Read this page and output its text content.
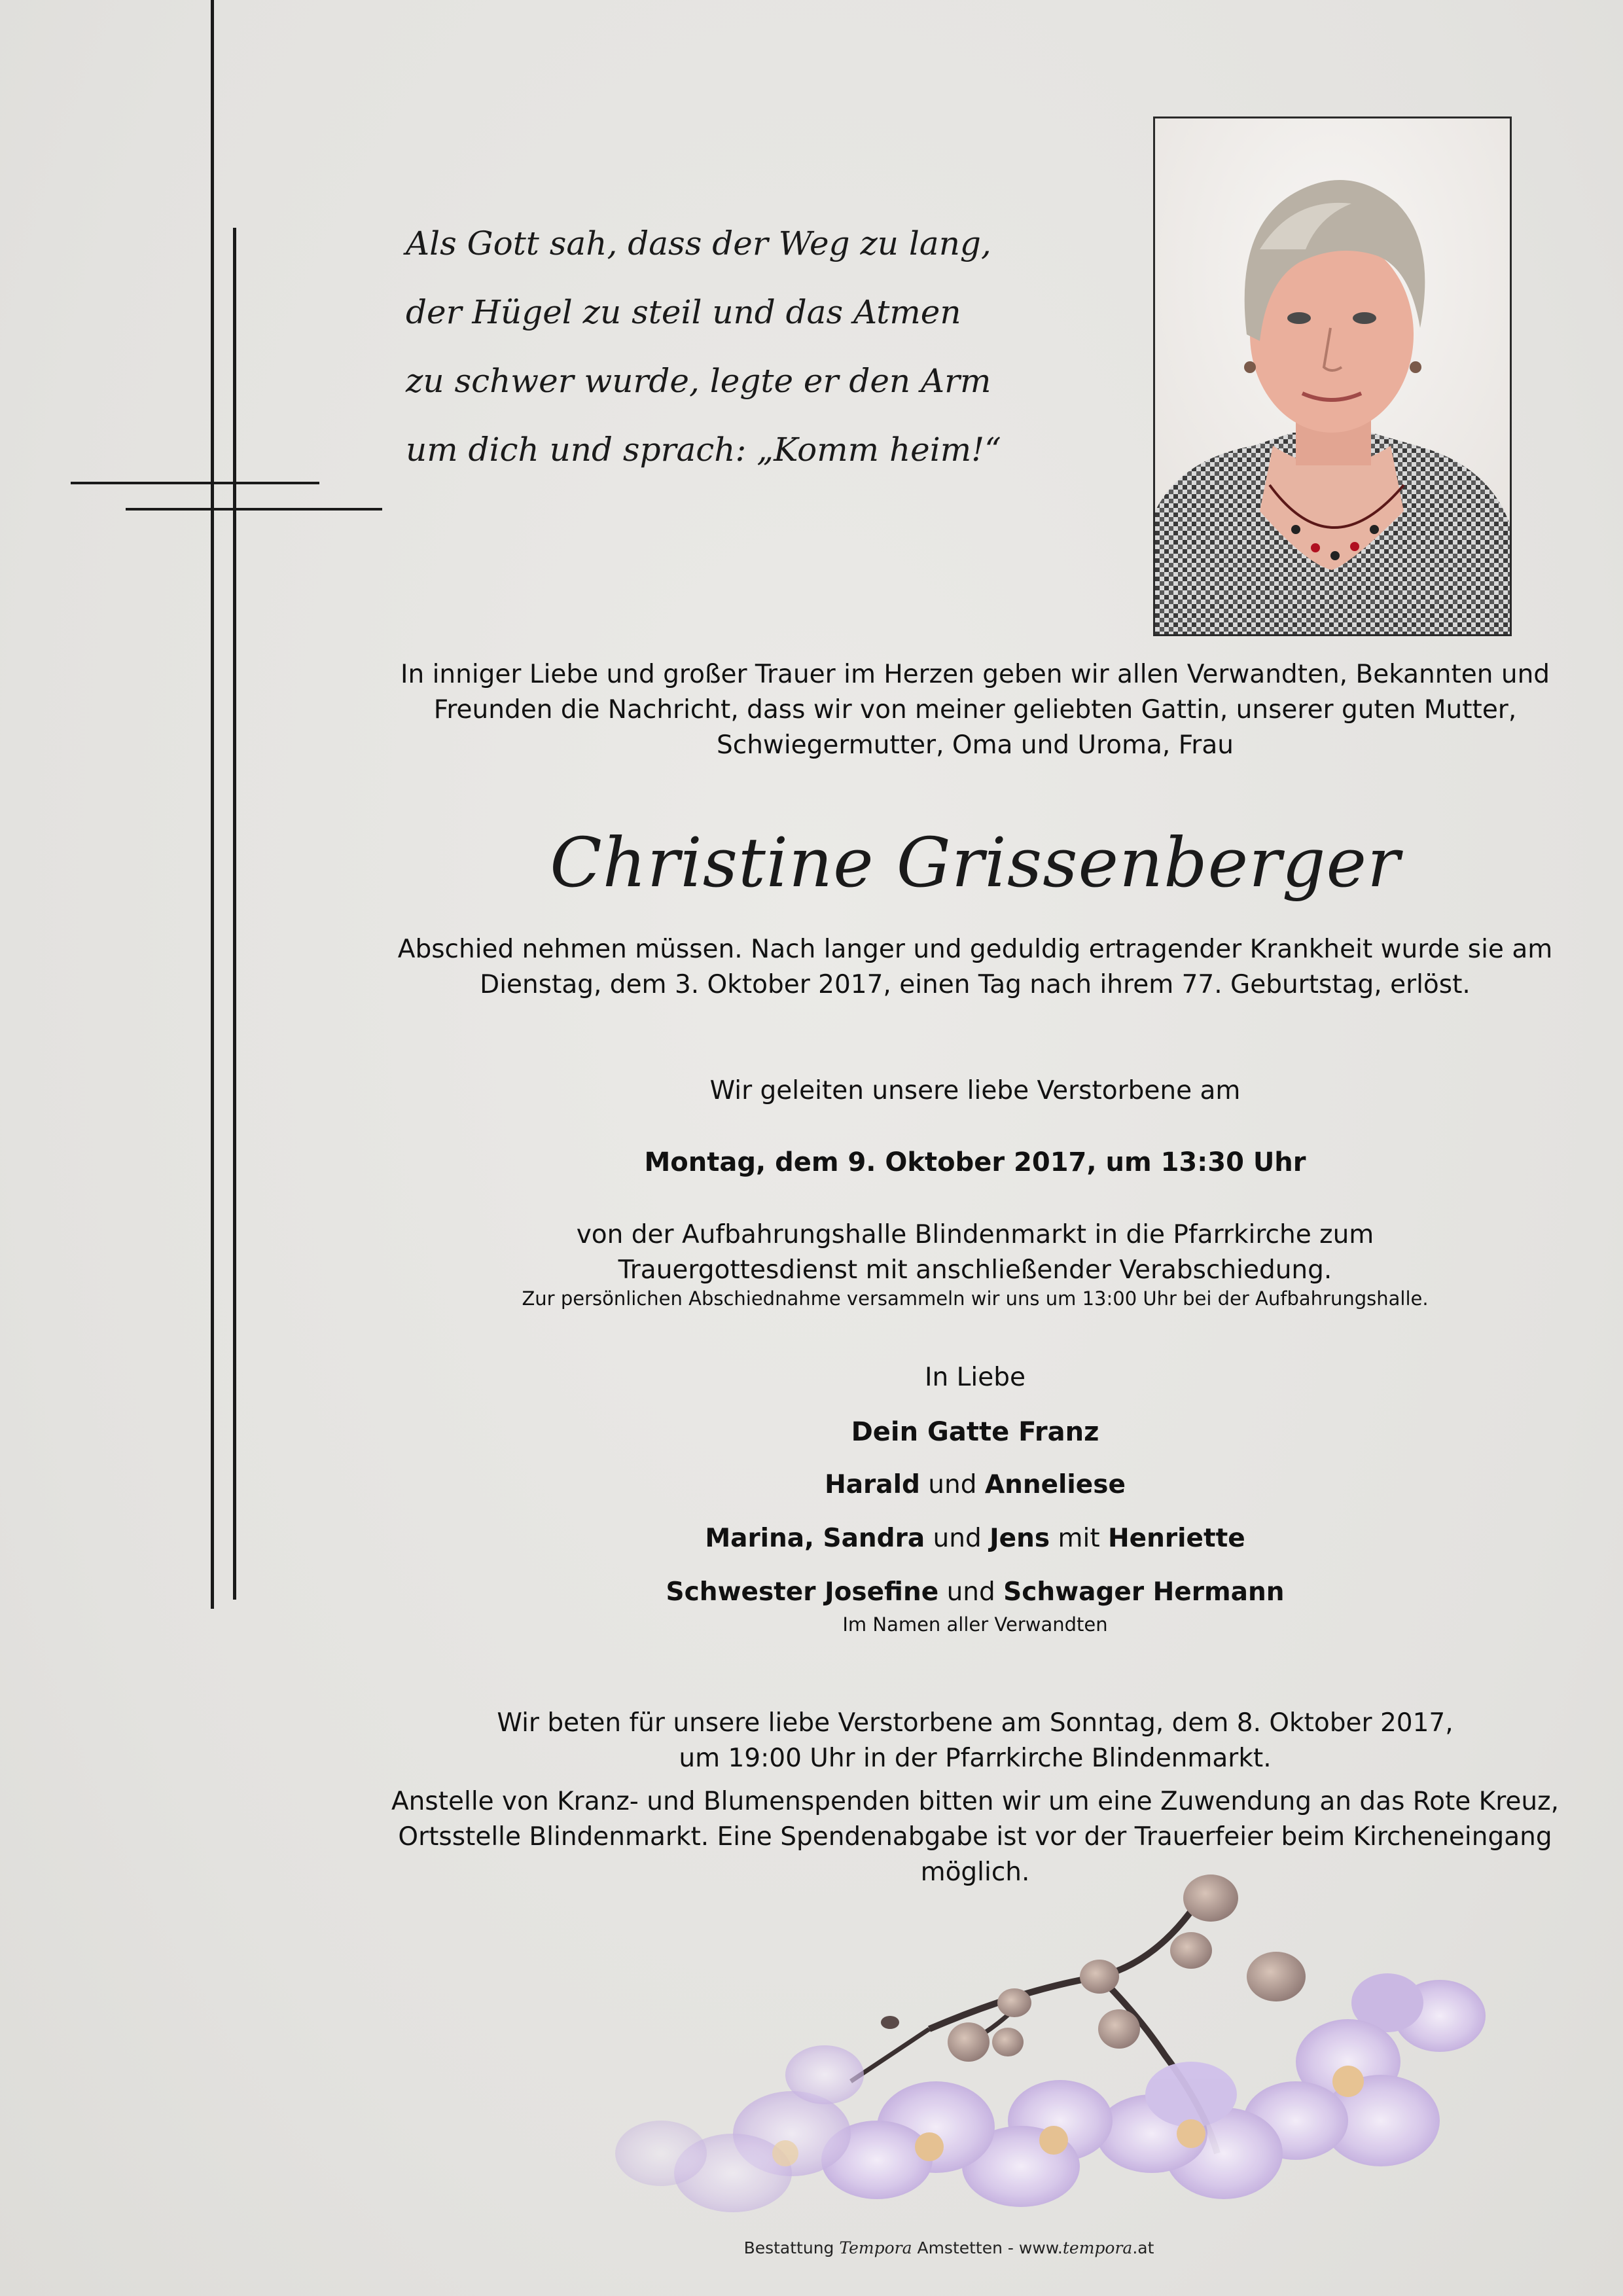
Als Gott sah, dass der Weg zu lang,
der Hügel zu steil und das Atmen
zu schwer wurde, legte er den Arm
um dich und sprach: „Komm heim!“
In inniger Liebe und großer Trauer im Herzen geben wir allen Verwandten, Bekannten und
Freunden die Nachricht, dass wir von meiner geliebten Gattin, unserer guten Mutter,
Schwiegermutter, Oma und Uroma, Frau
Christine Grissenberger
Abschied nehmen müssen. Nach langer und geduldig ertragender Krankheit wurde sie am
Dienstag, dem 3. Oktober 2017, einen Tag nach ihrem 77. Geburtstag, erlöst.
Wir geleiten unsere liebe Verstorbene am
Montag, dem 9. Oktober 2017, um 13:30 Uhr
von der Aufbahrungshalle Blindenmarkt in die Pfarrkirche zum
Trauergottesdienst mit anschließender Verabschiedung.
Zur persönlichen Abschiednahme versammeln wir uns um 13:00 Uhr bei der Aufbahrungshalle.
In Liebe
Dein Gatte Franz
Harald und Anneliese
Marina, Sandra und Jens mit Henriette
Schwester Josefine und Schwager Hermann
Im Namen aller Verwandten
Wir beten für unsere liebe Verstorbene am Sonntag, dem 8. Oktober 2017,
um 19:00 Uhr in der Pfarrkirche Blindenmarkt.
Anstelle von Kranz- und Blumenspenden bitten wir um eine Zuwendung an das Rote Kreuz,
Ortsstelle Blindenmarkt. Eine Spendenabgabe ist vor der Trauerfeier beim Kircheneingang möglich.
Bestattung Tempora Amstetten - www.tempora.at
